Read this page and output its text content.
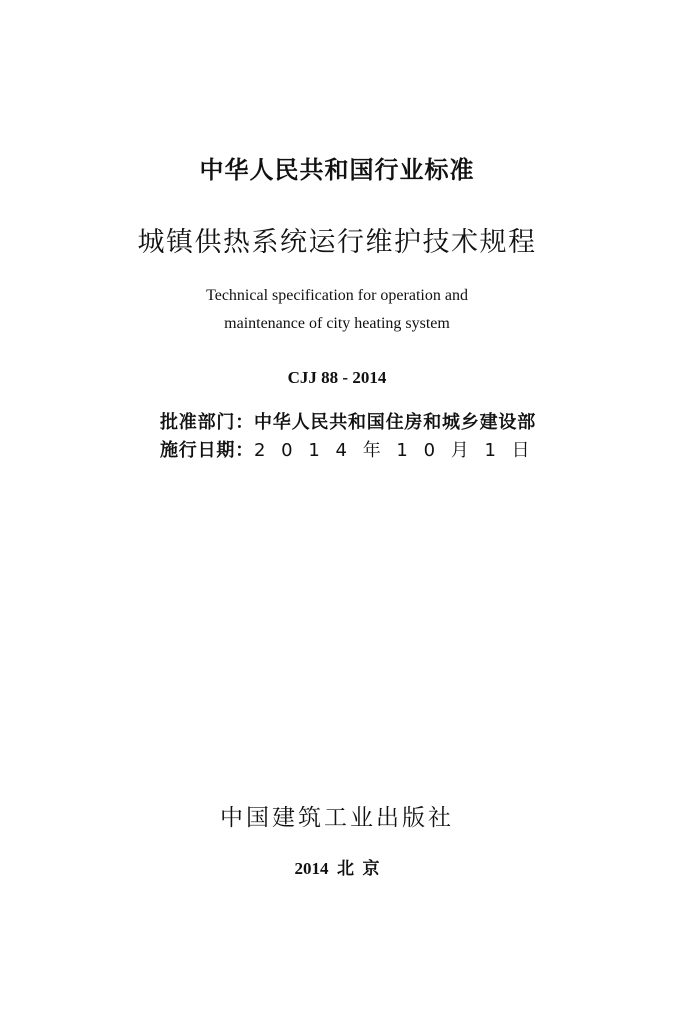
中华人民共和国行业标准
城镇供热系统运行维护技术规程
Technical specification for operation and
maintenance of city heating system
CJJ 88 - 2014
批准部门：中华人民共和国住房和城乡建设部
施行日期：2 0 1 4 年 1 0 月 1 日
中国建筑工业出版社
2014  北  京
